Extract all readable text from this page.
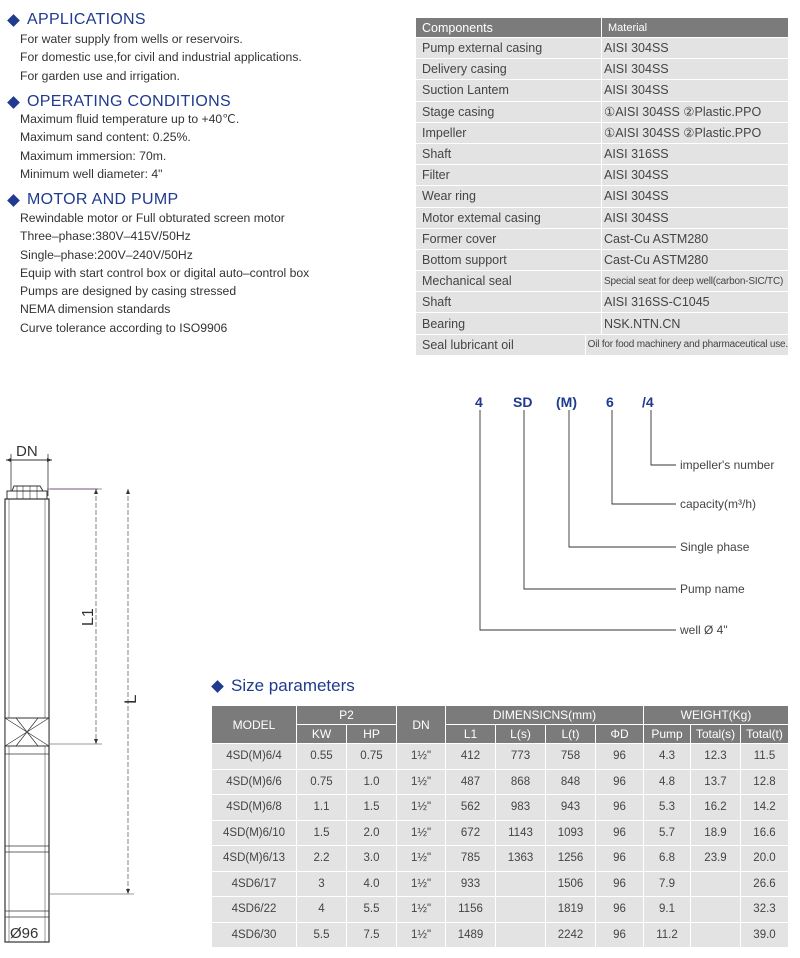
APPLICATIONS
For water supply from wells or reservoirs.
For domestic use,for civil and industrial applications.
For garden use and irrigation.
OPERATING CONDITIONS
Maximum fluid temperature up to +40℃.
Maximum sand content: 0.25%.
Maximum immersion: 70m.
Minimum well diameter: 4"
MOTOR AND PUMP
Rewindable motor or Full obturated screen motor
Three–phase:380V–415V/50Hz
Single–phase:200V–240V/50Hz
Equip with start control box or digital auto–control box
Pumps are designed by casing stressed
NEMA dimension standards
Curve tolerance according to ISO9906
Components	Material
Pump external casing	AISI 304SS
Delivery casing	AISI 304SS
Suction Lantem	AISI 304SS
Stage casing	①AISI 304SS ②Plastic.PPO
Impeller	①AISI 304SS ②Plastic.PPO
Shaft	AISI 316SS
Filter	AISI 304SS
Wear ring	AISI 304SS
Motor extemal casing	AISI 304SS
Former cover	Cast-Cu ASTM280
Bottom support	Cast-Cu ASTM280
Mechanical seal	Special seat for deep well(carbon-SIC/TC)
Shaft	AISI 316SS-C1045
Bearing	NSK.NTN.CN
Seal lubricant oil	Oil for food machinery and pharmaceutical use.
DN
L1
L
Ø96
4 SD (M) 6 /4
impeller's number
capacity(m³/h)
Single phase
Pump name
well Ø 4"
Size parameters
MODEL	P2		DN	DIMENSICNS(mm)				WEIGHT(Kg)		
	KW	HP		L1	L(s)	L(t)	ΦD	Pump	Total(s)	Total(t)
4SD(M)6/4	0.55	0.75	1½"	412	773	758	96	4.3	12.3	11.5
4SD(M)6/6	0.75	1.0	1½"	487	868	848	96	4.8	13.7	12.8
4SD(M)6/8	1.1	1.5	1½"	562	983	943	96	5.3	16.2	14.2
4SD(M)6/10	1.5	2.0	1½"	672	1143	1093	96	5.7	18.9	16.6
4SD(M)6/13	2.2	3.0	1½"	785	1363	1256	96	6.8	23.9	20.0
4SD6/17	3	4.0	1½"	933		1506	96	7.9		26.6
4SD6/22	4	5.5	1½"	1156		1819	96	9.1		32.3
4SD6/30	5.5	7.5	1½"	1489		2242	96	11.2		39.0
